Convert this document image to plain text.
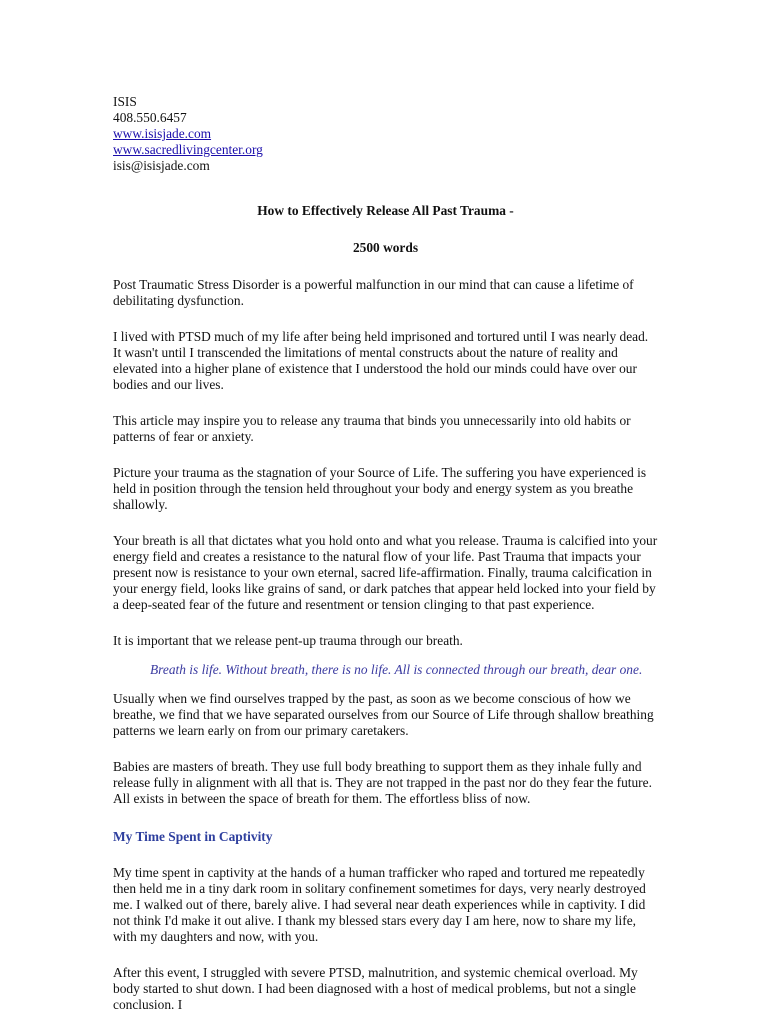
ISIS
408.550.6457
www.isisjade.com
www.sacredlivingcenter.org
isis@isisjade.com
How to Effectively Release All Past Trauma -
2500 words

Post Traumatic Stress Disorder is a powerful malfunction in our mind that can cause a lifetime of debilitating dysfunction.

I lived with PTSD much of my life after being held imprisoned and tortured until I was nearly dead. It wasn't until I transcended the limitations of mental constructs about the nature of reality and elevated into a higher plane of existence that I understood the hold our minds could have over our bodies and our lives.

This article may inspire you to release any trauma that binds you unnecessarily into old habits or patterns of fear or anxiety.

Picture your trauma as the stagnation of your Source of Life. The suffering you have experienced is held in position through the tension held throughout your body and energy system as you breathe shallowly.

Your breath is all that dictates what you hold onto and what you release. Trauma is calcified into your energy field and creates a resistance to the natural flow of your life. Past Trauma that impacts your present now is resistance to your own eternal, sacred life-affirmation. Finally, trauma calcification in your energy field, looks like grains of sand, or dark patches that appear held locked into your field by a deep-seated fear of the future and resentment or tension clinging to that past experience.

It is important that we release pent-up trauma through our breath.

Breath is life. Without breath, there is no life. All is connected through our breath, dear one.

Usually when we find ourselves trapped by the past, as soon as we become conscious of how we breathe, we find that we have separated ourselves from our Source of Life through shallow breathing patterns we learn early on from our primary caretakers.

Babies are masters of breath. They use full body breathing to support them as they inhale fully and release fully in alignment with all that is. They are not trapped in the past nor do they fear the future. All exists in between the space of breath for them. The effortless bliss of now.

My Time Spent in Captivity

My time spent in captivity at the hands of a human trafficker who raped and tortured me repeatedly then held me in a tiny dark room in solitary confinement sometimes for days, very nearly destroyed me. I walked out of there, barely alive. I had several near death experiences while in captivity. I did not think I'd make it out alive. I thank my blessed stars every day I am here, now to share my life, with my daughters and now, with you.

After this event, I struggled with severe PTSD, malnutrition, and systemic chemical overload. My body started to shut down. I had been diagnosed with a host of medical problems, but not a single conclusion. I
